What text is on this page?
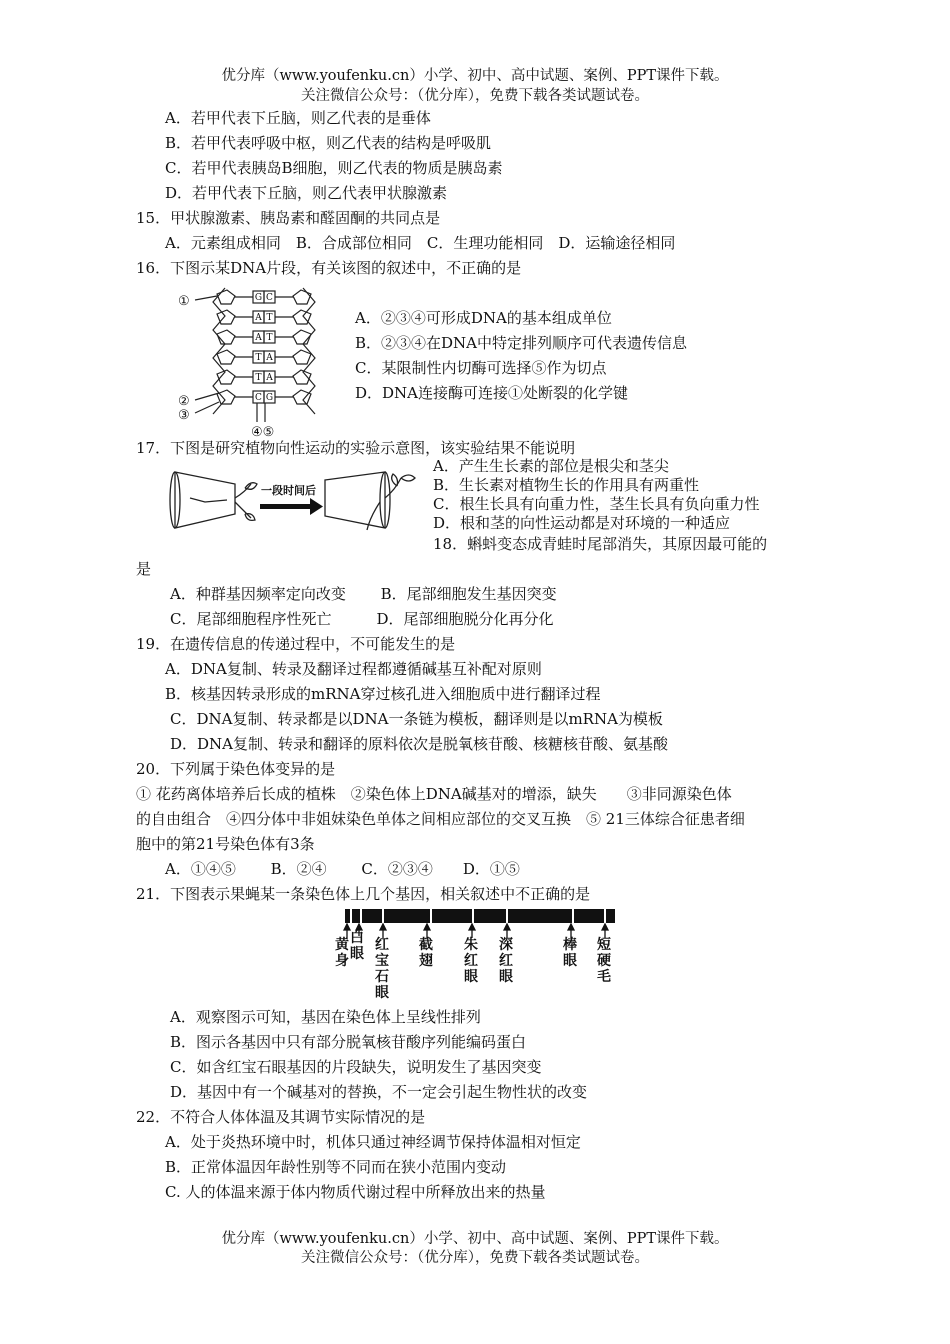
优分库（www.youfenku.cn）小学、初中、高中试题、案例、PPT课件下载。
关注微信公众号：（优分库），免费下载各类试题试卷。
A．若甲代表下丘脑，则乙代表的是垂体
B．若甲代表呼吸中枢，则乙代表的结构是呼吸肌
C．若甲代表胰岛B细胞，则乙代表的物质是胰岛素
D．若甲代表下丘脑，则乙代表甲状腺激素
15．甲状腺激素、胰岛素和醛固酮的共同点是
A．元素组成相同　B．合成部位相同　C．生理功能相同　D．运输途径相同
16．下图示某DNA片段，有关该图的叙述中，不正确的是
G C
A T
A T
T A
T A
C G
①
②
③
④⑤
A．②③④可形成DNA的基本组成单位
B．②③④在DNA中特定排列顺序可代表遗传信息
C．某限制性内切酶可选择⑤作为切点
D．DNA连接酶可连接①处断裂的化学键
17．下图是研究植物向性运动的实验示意图，该实验结果不能说明
一段时间后
A．产生生长素的部位是根尖和茎尖
B．生长素对植物生长的作用具有两重性
C．根生长具有向重力性，茎生长具有负向重力性
D．根和茎的向性运动都是对环境的一种适应
18．蝌蚪变态成青蛙时尾部消失，其原因最可能的
是
A．种群基因频率定向改变　　 B．尾部细胞发生基因突变
C．尾部细胞程序性死亡　　　D．尾部细胞脱分化再分化
19．在遗传信息的传递过程中，不可能发生的是
A．DNA复制、转录及翻译过程都遵循碱基互补配对原则
B．核基因转录形成的mRNA穿过核孔进入细胞质中进行翻译过程
C．DNA复制、转录都是以DNA一条链为模板，翻译则是以mRNA为模板
D．DNA复制、转录和翻译的原料依次是脱氧核苷酸、核糖核苷酸、氨基酸
20．下列属于染色体变异的是
① 花药离体培养后长成的植株　②染色体上DNA碱基对的增添，缺失　　③非同源染色体
的自由组合　④四分体中非姐妹染色单体之间相应部位的交叉互换　⑤ 21三体综合征患者细
胞中的第21号染色体有3条
A．①④⑤　　 B．②④　　 C．②③④　　D．①⑤
21．下图表示果蝇某一条染色体上几个基因，相关叙述中不正确的是
黄身
白眼
红宝石眼
截翅
朱红眼
深红眼
棒眼
短硬毛
A．观察图示可知，基因在染色体上呈线性排列
B．图示各基因中只有部分脱氧核苷酸序列能编码蛋白
C．如含红宝石眼基因的片段缺失，说明发生了基因突变
D．基因中有一个碱基对的替换，不一定会引起生物性状的改变
22．不符合人体体温及其调节实际情况的是
A．处于炎热环境中时，机体只通过神经调节保持体温相对恒定
B．正常体温因年龄性别等不同而在狭小范围内变动
C. 人的体温来源于体内物质代谢过程中所释放出来的热量
优分库（www.youfenku.cn）小学、初中、高中试题、案例、PPT课件下载。
关注微信公众号：（优分库），免费下载各类试题试卷。
